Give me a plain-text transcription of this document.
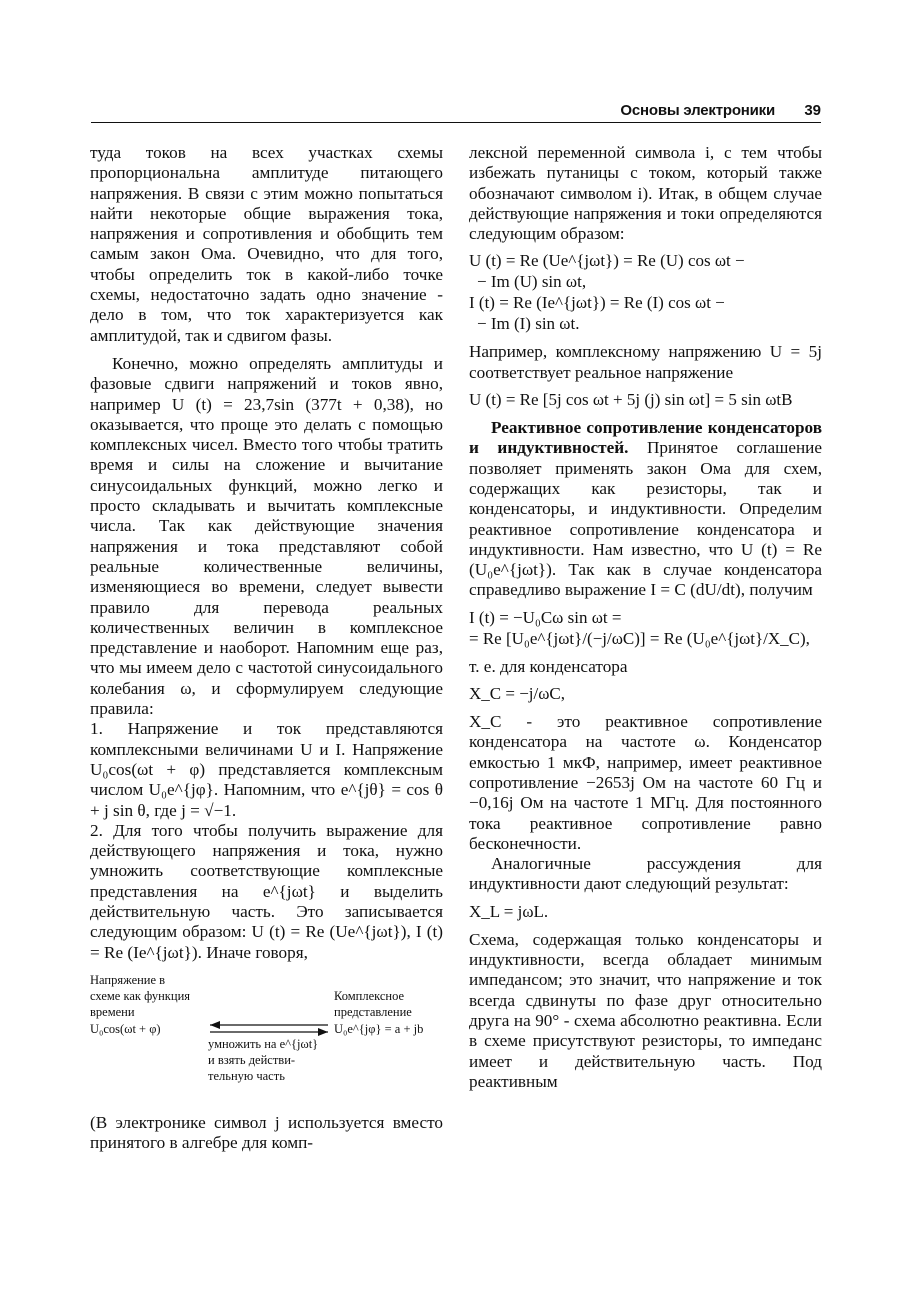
Основы электроники 39

туда токов на всех участках схемы пропорциональна амплитуде питающего напряжения. В связи с этим можно попытаться найти некоторые общие выражения тока, напряжения и сопротивления и обобщить тем самым закон Ома. Очевидно, что для того, чтобы определить ток в какой-либо точке схемы, недостаточно задать одно значение - дело в том, что ток характеризуется как амплитудой, так и сдвигом фазы.

Конечно, можно определять амплитуды и фазовые сдвиги напряжений и токов явно, например U (t) = 23,7sin (377t + 0,38), но оказывается, что проще это делать с помощью комплексных чисел. Вместо того чтобы тратить время и силы на сложение и вычитание синусоидальных функций, можно легко и просто складывать и вычитать комплексные числа. Так как действующие значения напряжения и тока представляют собой реальные количественные величины, изменяющиеся во времени, следует вывести правило для перевода реальных количественных величин в комплексное представление и наоборот. Напомним еще раз, что мы имеем дело с частотой синусоидального колебания ω, и сформулируем следующие правила:

1. Напряжение и ток представляются комплексными величинами U и I. Напряжение U₀cos(ωt + φ) представляется комплексным числом U₀e^{jφ}. Напомним, что e^{jθ} = cos θ + j sin θ, где j = √−1.

2. Для того чтобы получить выражение для действующего напряжения и тока, нужно умножить соответствующие комплексные представления на e^{jωt} и выделить действительную часть. Это записывается следующим образом: U (t) = Re (Ue^{jωt}), I (t) = Re (Ie^{jωt}). Иначе говоря,

Напряжение в
схеме как функция
времени
U₀cos(ωt + φ)
Комплексное
представление
U₀e^{jφ} = a + jb
умножить на e^{jωt}
и взять действи-
тельную часть

(В электронике символ j используется вместо принятого в алгебре для комп-

лексной переменной символа i, с тем чтобы избежать путаницы с током, который также обозначают символом i). Итак, в общем случае действующие напряжения и токи определяются следующим образом:

U (t) = Re (Ue^{jωt}) = Re (U) cos ωt −
− Im (U) sin ωt,
I (t) = Re (Ie^{jωt}) = Re (I) cos ωt −
− Im (I) sin ωt.

Например, комплексному напряжению U = 5j соответствует реальное напряжение

U (t) = Re [5j cos ωt + 5j (j) sin ωt] = 5 sin ωtB

Реактивное сопротивление конденсаторов и индуктивностей. Принятое соглашение позволяет применять закон Ома для схем, содержащих как резисторы, так и конденсаторы, и индуктивности. Определим реактивное сопротивление конденсатора и индуктивности. Нам известно, что U (t) = Re (U₀e^{jωt}). Так как в случае конденсатора справедливо выражение I = C (dU/dt), получим

I (t) = −U₀Cω sin ωt =
= Re [U₀e^{jωt}/(−j/ωC)] = Re (U₀e^{jωt}/X_C),

т. е. для конденсатора

X_C = −j/ωC,

X_C - это реактивное сопротивление конденсатора на частоте ω. Конденсатор емкостью 1 мкФ, например, имеет реактивное сопротивление −2653j Ом на частоте 60 Гц и −0,16j Ом на частоте 1 МГц. Для постоянного тока реактивное сопротивление равно бесконечности.

Аналогичные рассуждения для индуктивности дают следующий результат:

X_L = jωL.

Схема, содержащая только конденсаторы и индуктивности, всегда обладает минимым импедансом; это значит, что напряжение и ток всегда сдвинуты по фазе друг относительно друга на 90° - схема абсолютно реактивна. Если в схеме присутствуют резисторы, то импеданс имеет и действительную часть. Под реактивным
